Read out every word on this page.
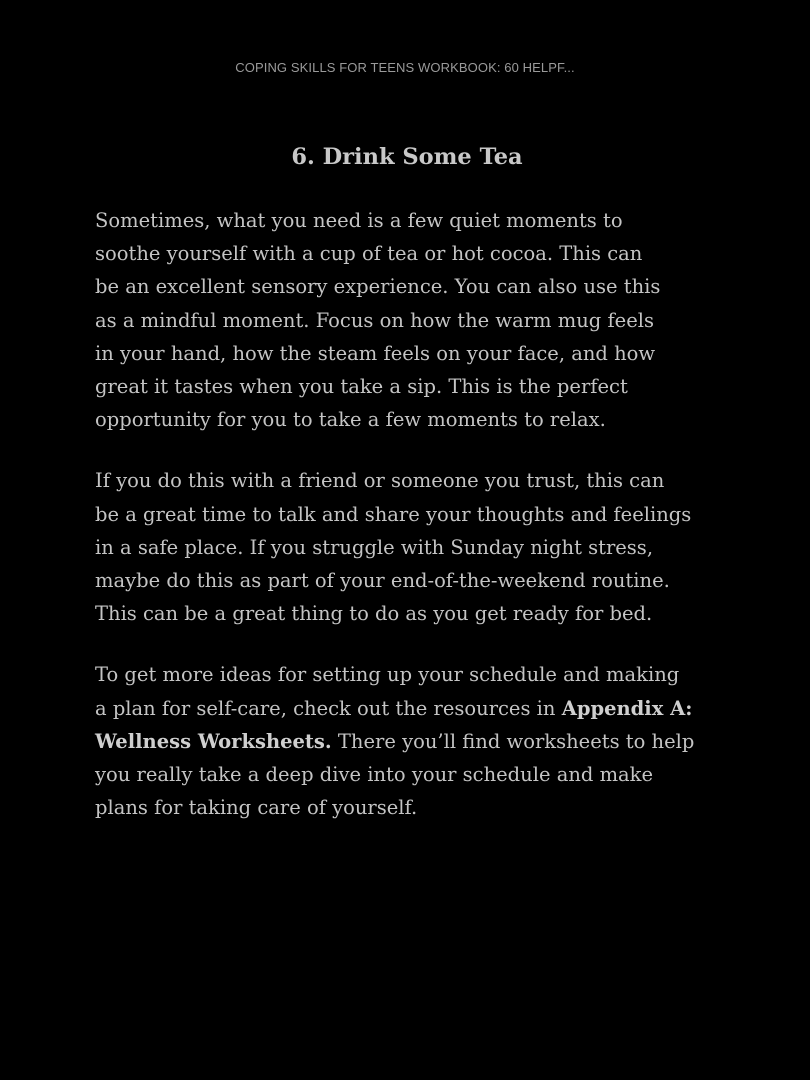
COPING SKILLS FOR TEENS WORKBOOK: 60 HELPF...
6. Drink Some Tea

Sometimes, what you need is a few quiet moments to
soothe yourself with a cup of tea or hot cocoa. This can
be an excellent sensory experience. You can also use this
as a mindful moment. Focus on how the warm mug feels
in your hand, how the steam feels on your face, and how
great it tastes when you take a sip. This is the perfect
opportunity for you to take a few moments to relax.

If you do this with a friend or someone you trust, this can
be a great time to talk and share your thoughts and feelings
in a safe place. If you struggle with Sunday night stress,
maybe do this as part of your end-of-the-weekend routine.
This can be a great thing to do as you get ready for bed.

To get more ideas for setting up your schedule and making
a plan for self-care, check out the resources in Appendix A:
Wellness Worksheets. There you’ll find worksheets to help
you really take a deep dive into your schedule and make
plans for taking care of yourself.
